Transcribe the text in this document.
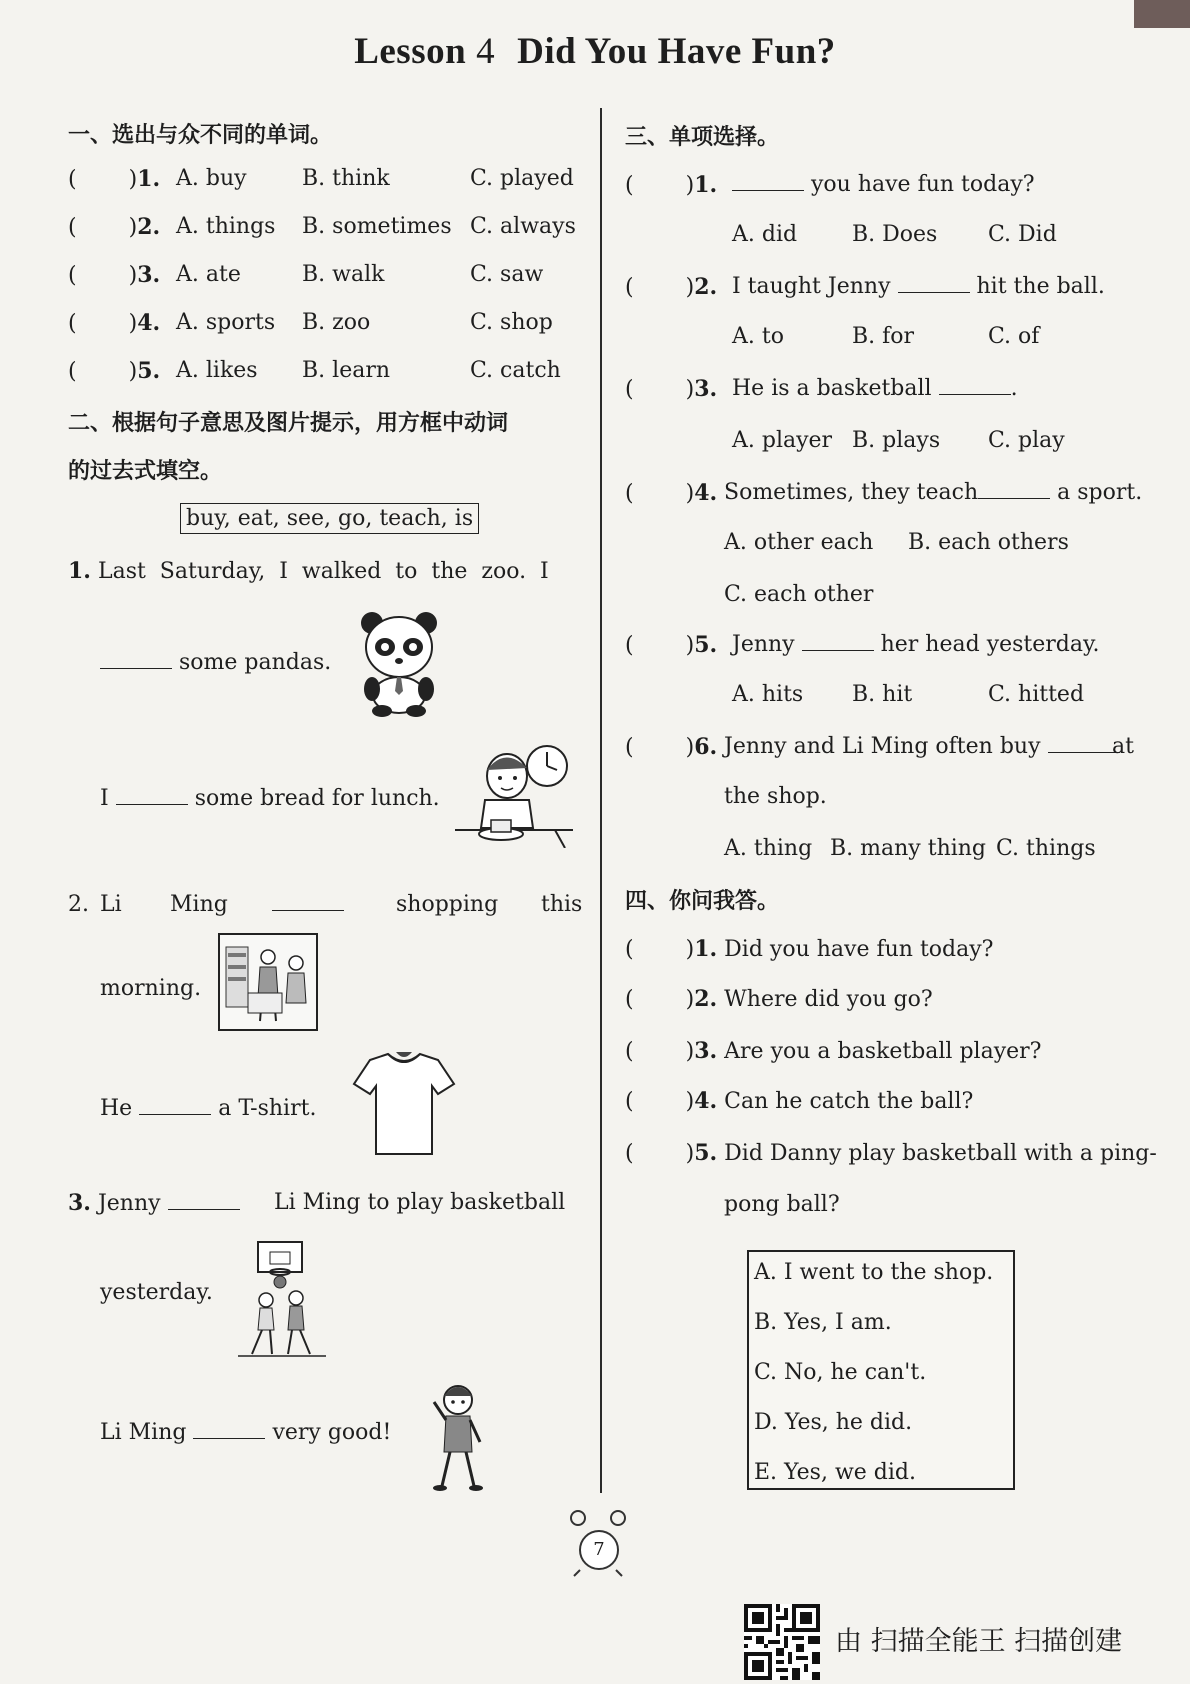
Lesson 4 Did You Have Fun?
一、选出与众不同的单词。
( )1. A. buy	B. think	C. played
( )2. A. things B. sometimes C. always
( )3. A. ate	B. walk	C. saw
( )4. A. sports B. zoo	C. shop
( )5. A. likes B. learn	C. catch
二、根据句子意思及图片提示，用方框中动词
的过去式填空。
buy, eat, see, go, teach, is
1. Last  Saturday,  I  walked  to  the  zoo.  I
some pandas.
I	some bread for lunch.
2. Li Ming	shopping this
morning.
He	a T-shirt.
3. Jenny	Li Ming to play basketball
yesterday.
Li Ming	very good!
三、单项选择。
( )1.	you have fun today?
A. did B. Does C. Did
( )2. I taught Jenny	hit the ball.
A. to	B. for	C. of
( )3. He is a basketball	.
A. player B. plays C. play
( )4. Sometimes, they teach	a sport.
A. other each B. each others
C. each other
( )5. Jenny	her head yesterday.
A. hits B. hit	C. hitted
( )6. Jenny and Li Ming often buy	at
the shop.
A. thing B. many thing C. things
四、你问我答。
( )1. Did you have fun today?
( )2. Where did you go?
( )3. Are you a basketball player?
( )4. Can he catch the ball?
( )5. Did Danny play basketball with a ping-
pong ball?
A. I went to the shop.
B. Yes, I am.
C. No, he can't.
D. Yes, he did.
E. Yes, we did.
7
由 扫描全能王 扫描创建
